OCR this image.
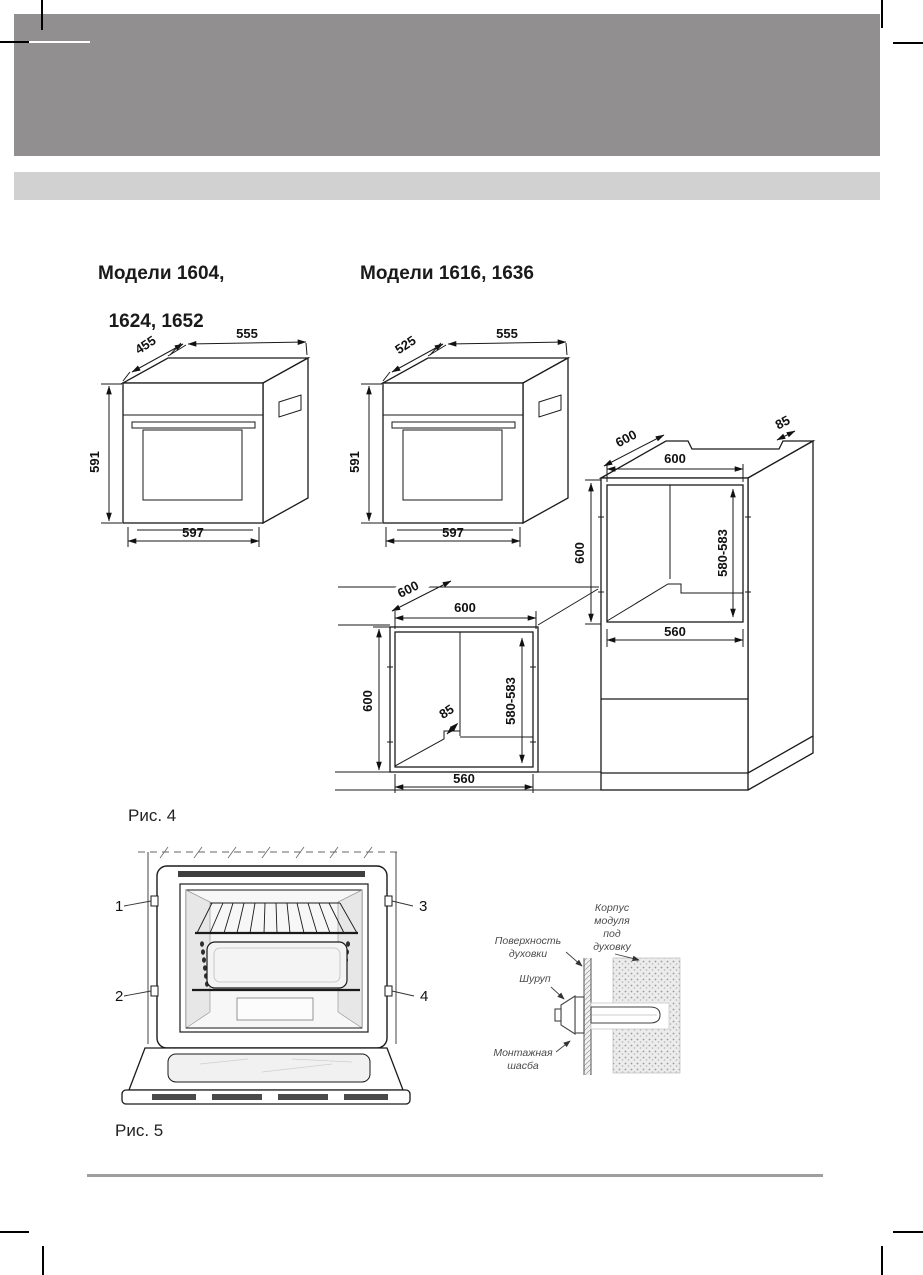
Модели 1604,

1624, 1652
Модели 1616, 1636
555
455
591
597
555
525
591
597
600	580-583
600
600
85
560
600	580-583
600
600
85
560
Рис. 4
1
2
3
4
Корпус
модуля
под
духовку
Поверхность
духовки
Шуруп
Монтажная
шасба
Рис. 5
